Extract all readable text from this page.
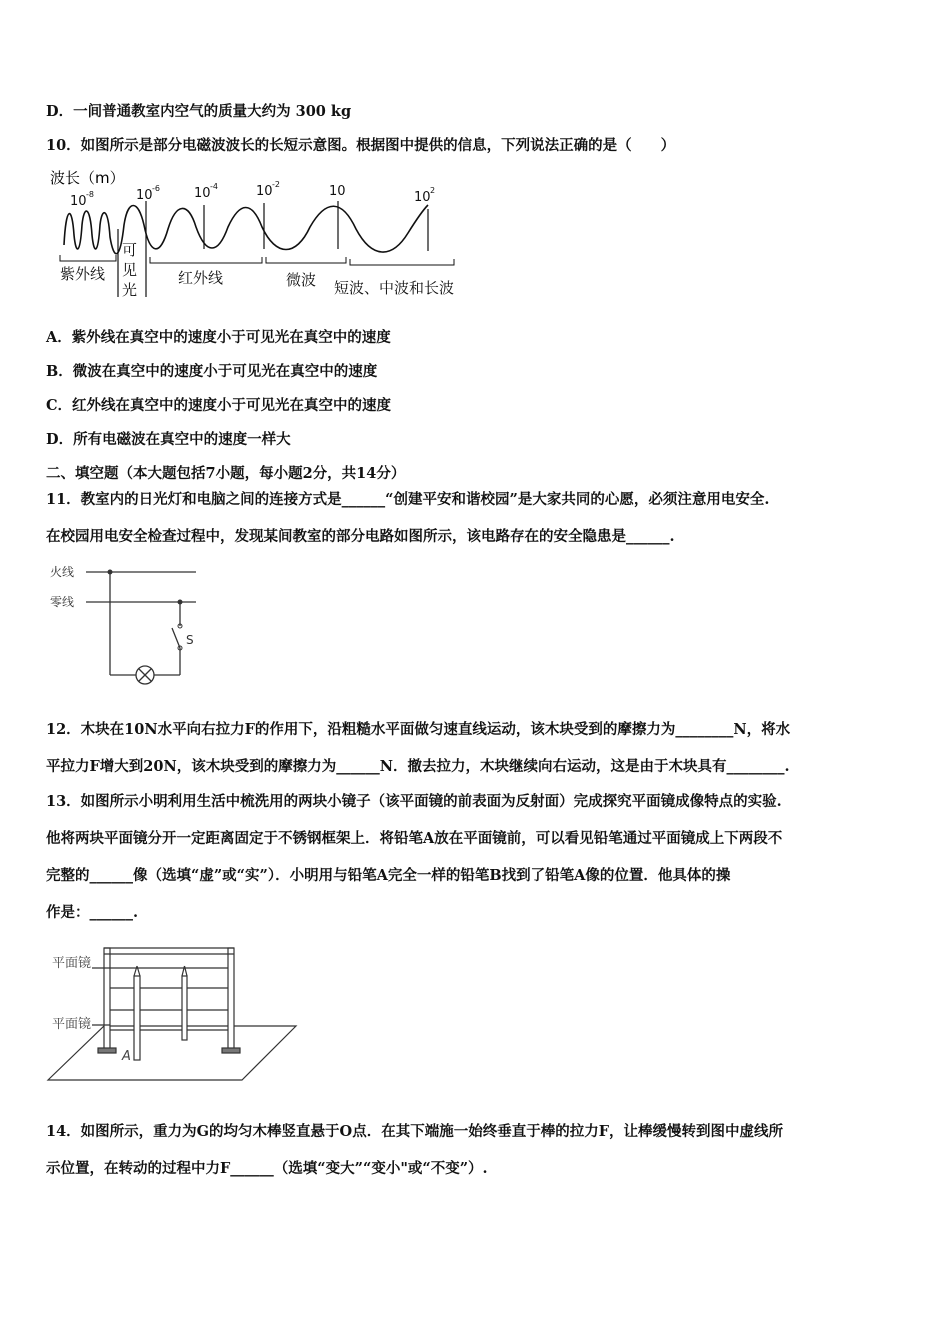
D．一间普通教室内空气的质量大约为 300 kg
10．如图所示是部分电磁波波长的长短示意图。根据图中提供的信息，下列说法正确的是（　　）
波长（m）
10 -8	10 -6	10 -4	10 -2	10	10 2
紫外线
可
见
光
红外线	微波 短波、中波和长波
A．紫外线在真空中的速度小于可见光在真空中的速度
B．微波在真空中的速度小于可见光在真空中的速度
C．红外线在真空中的速度小于可见光在真空中的速度
D．所有电磁波在真空中的速度一样大
二、填空题（本大题包括7小题，每小题2分，共14分）
11．教室内的日光灯和电脑之间的连接方式是______“创建平安和谐校园”是大家共同的心愿，必须注意用电安全.
在校园用电安全检查过程中，发现某间教室的部分电路如图所示，该电路存在的安全隐患是______.
火线
零线
S
12．木块在10N水平向右拉力F的作用下，沿粗糙水平面做匀速直线运动，该木块受到的摩擦力为________N，将水
平拉力F增大到20N，该木块受到的摩擦力为______N．撤去拉力，木块继续向右运动，这是由于木块具有________.
13．如图所示小明利用生活中梳洗用的两块小镜子（该平面镜的前表面为反射面）完成探究平面镜成像特点的实验.
他将两块平面镜分开一定距离固定于不锈钢框架上．将铅笔A放在平面镜前，可以看见铅笔通过平面镜成上下两段不
完整的______像（选填“虚”或“实”）．小明用与铅笔A完全一样的铅笔B找到了铅笔A像的位置．他具体的操
作是：______.
平面镜
平面镜
A
14．如图所示，重力为G的均匀木棒竖直悬于O点．在其下端施一始终垂直于棒的拉力F，让棒缓慢转到图中虚线所
示位置，在转动的过程中力F______（选填“变大”“变小"或“不变”）.
